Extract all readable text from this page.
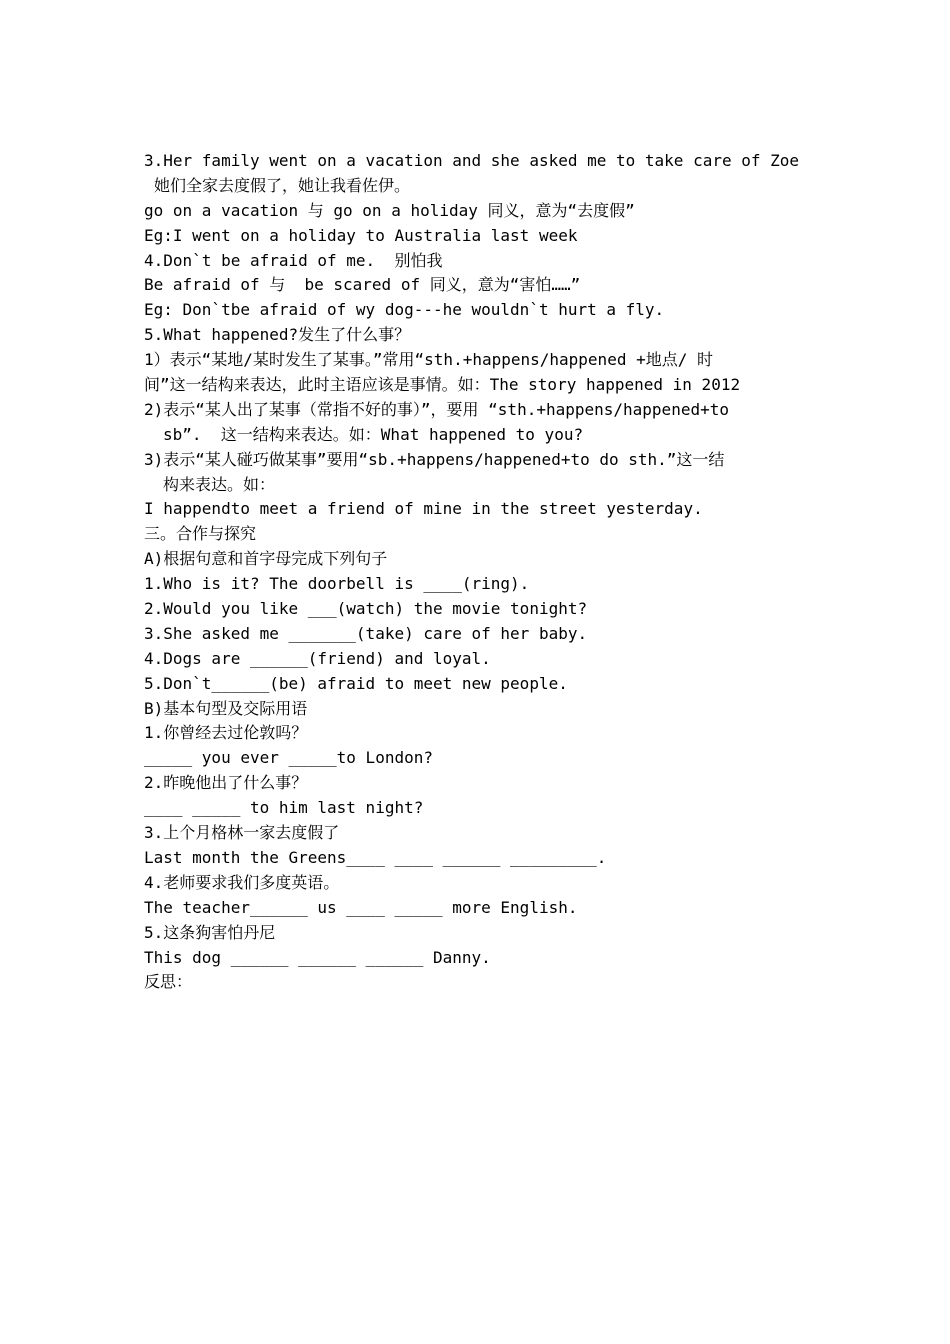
3.Her family went on a vacation and she asked me to take care of Zoe
她们全家去度假了，她让我看佐伊。
go on a vacation 与 go on a holiday 同义，意为“去度假”
Eg:I went on a holiday to Australia last week
4.Don`t be afraid of me.  别怕我
Be afraid of 与  be scared of 同义，意为“害怕……”
Eg: Don`tbe afraid of wy dog---he wouldn`t hurt a fly.
5.What happened?发生了什么事？
1）表示“某地/某时发生了某事。”常用“sth.+happens/happened +地点/ 时
间”这一结构来表达，此时主语应该是事情。如：The story happened in 2012
2)表示“某人出了某事（常指不好的事）”，要用 “sth.+happens/happened+to
sb”.  这一结构来表达。如：What happened to you?
3)表示“某人碰巧做某事”要用“sb.+happens/happened+to do sth.”这一结
构来表达。如：
I happendto meet a friend of mine in the street yesterday.
三。合作与探究
A)根据句意和首字母完成下列句子
1.Who is it? The doorbell is ____(ring).
2.Would you like ___(watch) the movie tonight?
3.She asked me _______(take) care of her baby.
4.Dogs are ______(friend) and loyal.
5.Don`t______(be) afraid to meet new people.
B)基本句型及交际用语
1.你曾经去过伦敦吗？
_____ you ever _____to London?
2.昨晚他出了什么事？
____ _____ to him last night?
3.上个月格林一家去度假了
Last month the Greens____ ____ ______ _________.
4.老师要求我们多度英语。
The teacher______ us ____ _____ more English.
5.这条狗害怕丹尼
This dog ______ ______ ______ Danny.
反思：
